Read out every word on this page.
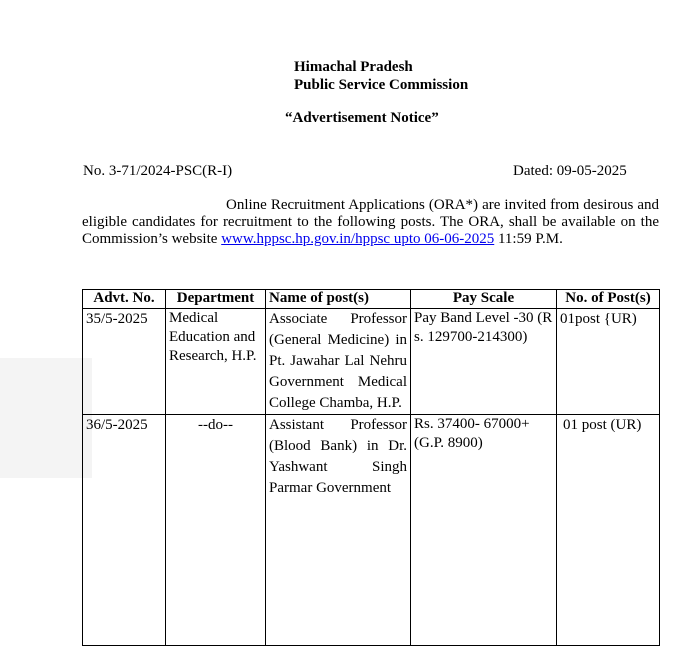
Himachal Pradesh
Public Service Commission
“Advertisement Notice”
No. 3-71/2024-PSC(R-I)	Dated: 09-05-2025
Online Recruitment Applications (ORA*) are invited from desirous and eligible candidates for recruitment to the following posts. The ORA, shall be available on the Commission’s website www.hppsc.hp.gov.in/hppsc upto 06-06-2025 11:59 P.M.
Advt. No.	Department	Name of post(s)	Pay Scale	No. of Post(s)
35/5-2025	Medical Education and Research, H.P.	Associate Professor (General Medicine) in Pt. Jawahar Lal Nehru Government Medical College Chamba, H.P.	Pay Band Level -30 (Rs. 129700-214300)	01post {UR)
36/5-2025	--do--	Assistant Professor (Blood Bank) in Dr. Yashwant Singh Parmar Government	Rs. 37400- 67000+ (G.P. 8900)	01 post (UR)
